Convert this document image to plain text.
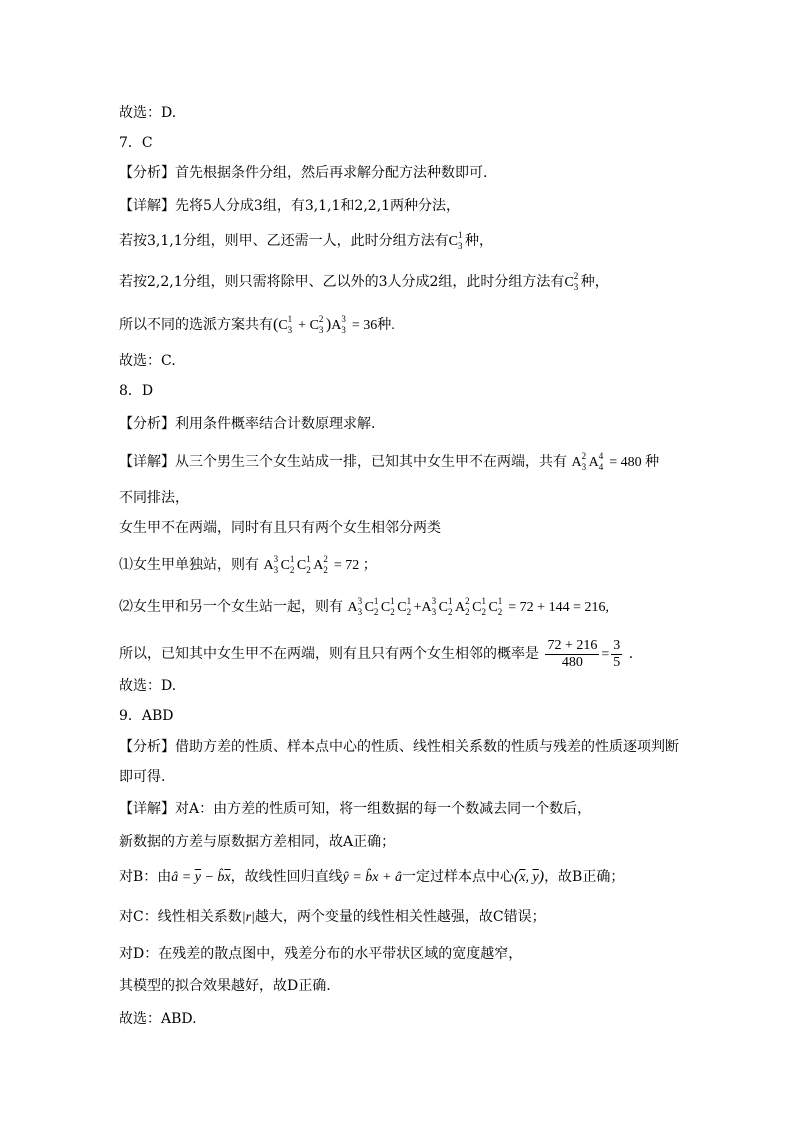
故选：D.
7．C
【分析】首先根据条件分组，然后再求解分配方法种数即可.
【详解】先将5人分成3组，有3,1,1和2,2,1两种分法，
若按3,1,1分组，则甲、乙还需一人，此时分组方法有C 1
3 种，
若按2,2,1分组，则只需将除甲、乙以外的3人分成2组，此时分组方法有C 2
3 种，
所以不同的选派方案共有(C 1
3 + C 2
3 )A 3
3 = 36种.
故选：C.
8．D
【分析】利用条件概率结合计数原理求解.
【详解】从三个男生三个女生站成一排，已知其中女生甲不在两端，共有 A 2
3 A 4
4 = 480 种
不同排法，
女生甲不在两端，同时有且只有两个女生相邻分两类
⑴女生甲单独站，则有 A 3
3 C 1
2 C 1
2 A 2
2 = 72 ；
⑵女生甲和另一个女生站一起，则有 A 3
3 C 1
2 C 1
2 C 1
2 +A 3
3 C 1
2 A 2
2 C 1
2 C 1
2 = 72 + 144 = 216,
所以，已知其中女生甲不在两端，则有且只有两个女生相邻的概率是 $\frac{72 + 216}{480} = \frac{3}{5}$ .
故选：D.
9．ABD
【分析】借助方差的性质、样本点中心的性质、线性相关系数的性质与残差的性质逐项判断
即可得.
【详解】对A：由方差的性质可知，将一组数据的每一个数减去同一个数后，
新数据的方差与原数据方差相同，故A正确；
对B：由â = $\overline{y}$ − $b̂\overline{x}$，故线性回归直线ŷ = b̂x + â一定过样本点中心($\overline{x}$, $\overline{y}$)，故B正确；
对C：线性相关系数|r|越大，两个变量的线性相关性越强，故C错误；
对D：在残差的散点图中，残差分布的水平带状区域的宽度越窄，
其模型的拟合效果越好，故D正确.
故选：ABD.
